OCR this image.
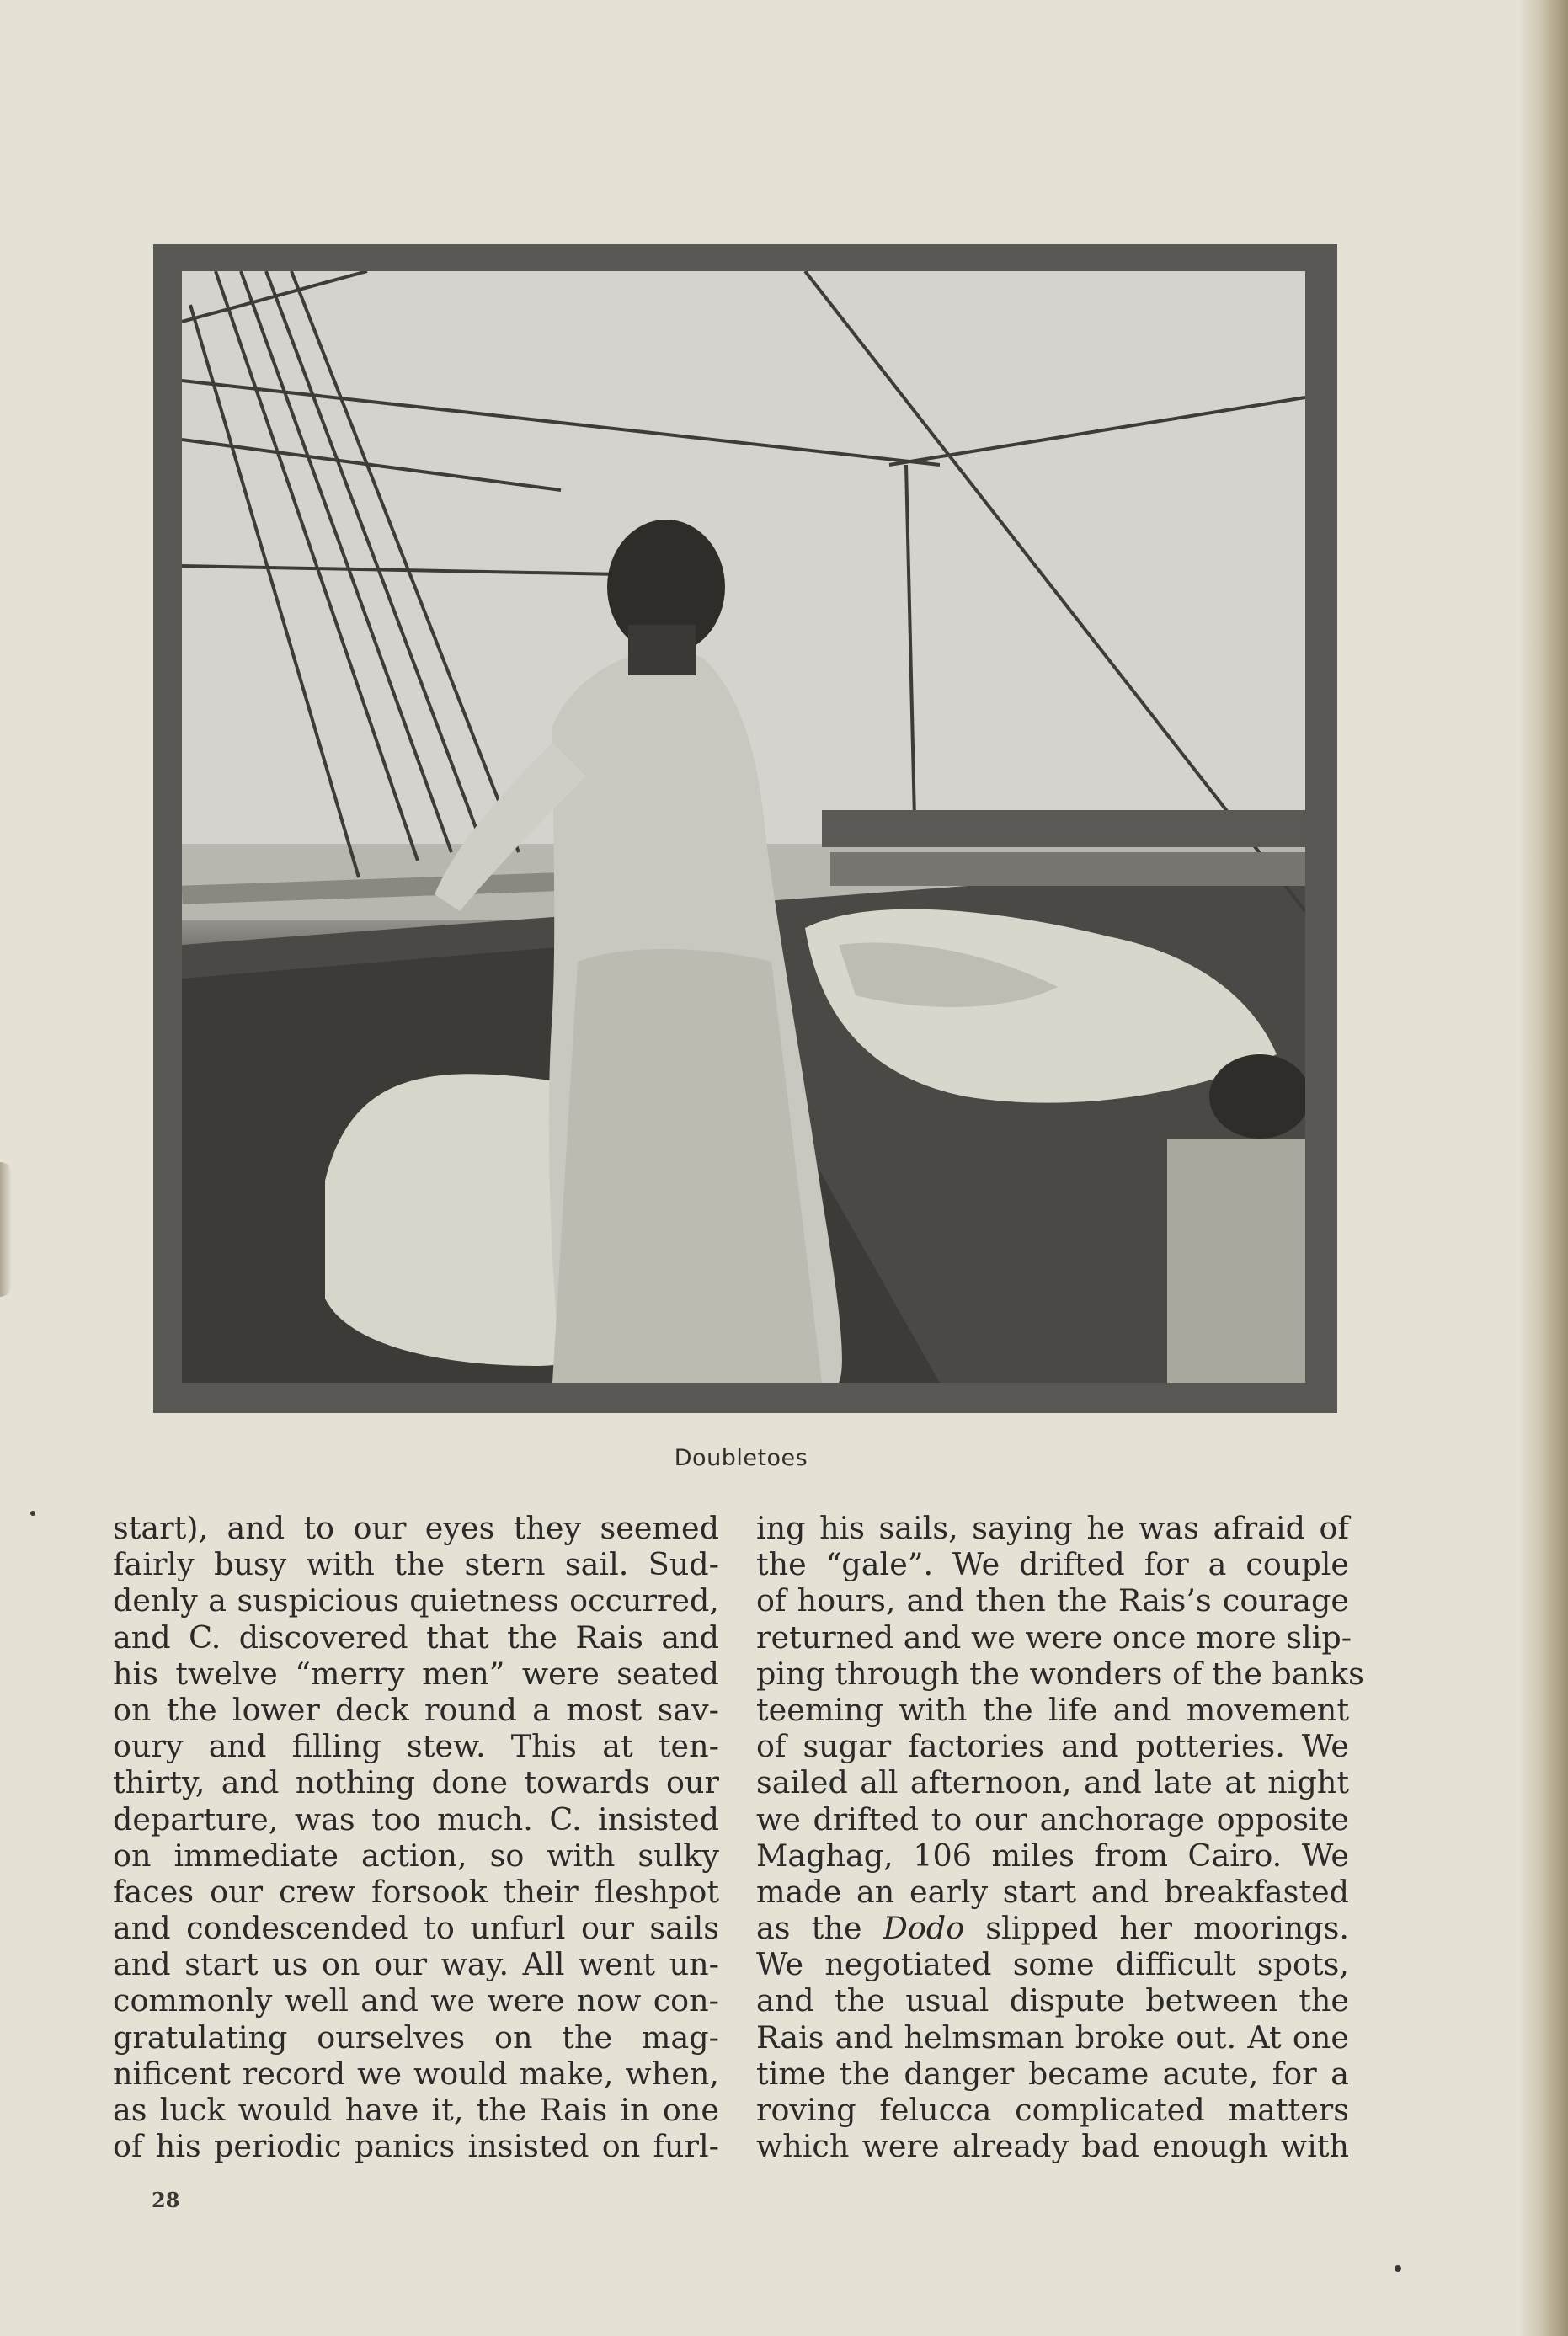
Doubletoes
start), and to our eyes they seemed
fairly busy with the stern sail. Sud-
denly a suspicious quietness occurred,
and C. discovered that the Rais and
his twelve “merry men” were seated
on the lower deck round a most sav-
oury and filling stew. This at ten-
thirty, and nothing done towards our
departure, was too much. C. insisted
on immediate action, so with sulky
faces our crew forsook their fleshpot
and condescended to unfurl our sails
and start us on our way. All went un-
commonly well and we were now con-
gratulating ourselves on the mag-
nificent record we would make, when,
as luck would have it, the Rais in one
of his periodic panics insisted on furl-
ing his sails, saying he was afraid of
the “gale”. We drifted for a couple
of hours, and then the Rais’s courage
returned and we were once more slip-
ping through the wonders of the banks
teeming with the life and movement
of sugar factories and potteries. We
sailed all afternoon, and late at night
we drifted to our anchorage opposite
Maghag, 106 miles from Cairo. We
made an early start and breakfasted
as the Dodo slipped her moorings.
We negotiated some difficult spots,
and the usual dispute between the
Rais and helmsman broke out. At one
time the danger became acute, for a
roving felucca complicated matters
which were already bad enough with
28
